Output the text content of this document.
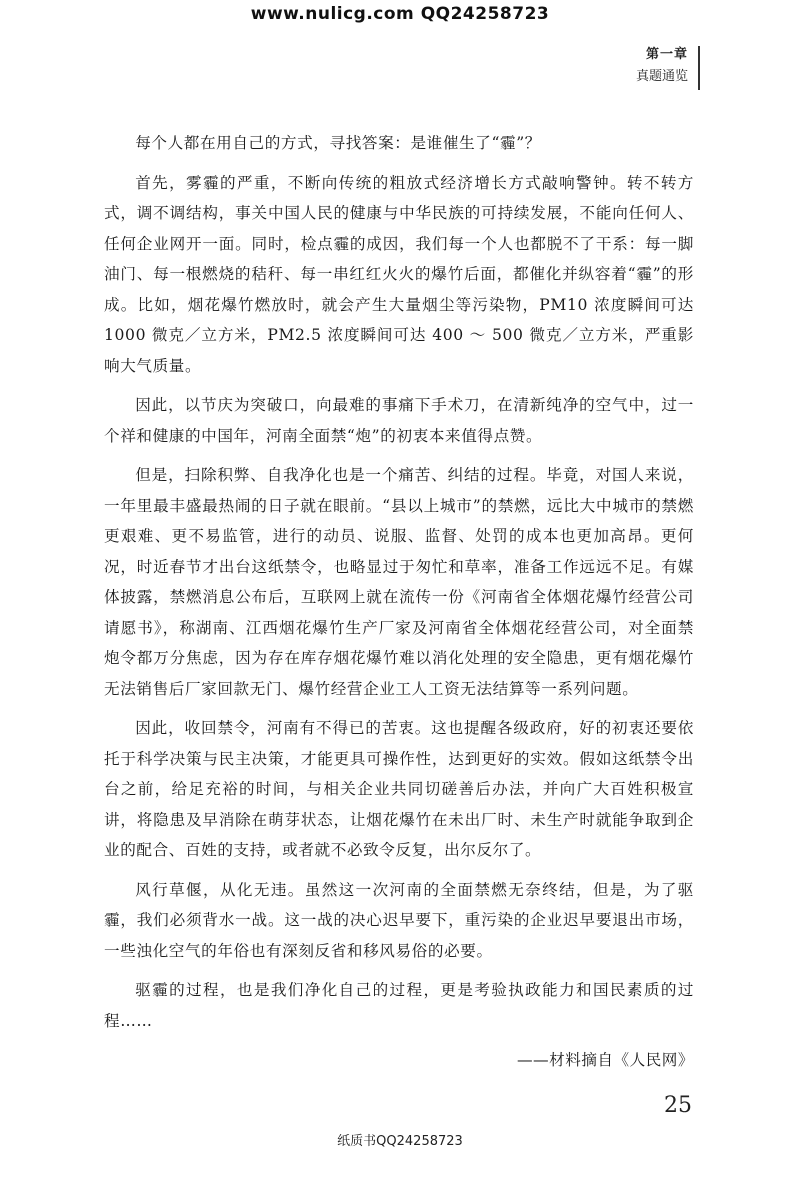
www.nulicg.com QQ24258723
第一章
真题通览

每个人都在用自己的方式，寻找答案：是谁催生了“霾”？

首先，雾霾的严重，不断向传统的粗放式经济增长方式敲响警钟。转不转方式，调不调结构，事关中国人民的健康与中华民族的可持续发展，不能向任何人、任何企业网开一面。同时，检点霾的成因，我们每一个人也都脱不了干系：每一脚油门、每一根燃烧的秸秆、每一串红红火火的爆竹后面，都催化并纵容着“霾”的形成。比如，烟花爆竹燃放时，就会产生大量烟尘等污染物，PM10 浓度瞬间可达 1000 微克／立方米，PM2.5 浓度瞬间可达 400 ～ 500 微克／立方米，严重影响大气质量。

因此，以节庆为突破口，向最难的事痛下手术刀，在清新纯净的空气中，过一个祥和健康的中国年，河南全面禁“炮”的初衷本来值得点赞。

但是，扫除积弊、自我净化也是一个痛苦、纠结的过程。毕竟，对国人来说，一年里最丰盛最热闹的日子就在眼前。“县以上城市”的禁燃，远比大中城市的禁燃更艰难、更不易监管，进行的动员、说服、监督、处罚的成本也更加高昂。更何况，时近春节才出台这纸禁令，也略显过于匆忙和草率，准备工作远远不足。有媒体披露，禁燃消息公布后，互联网上就在流传一份《河南省全体烟花爆竹经营公司请愿书》，称湖南、江西烟花爆竹生产厂家及河南省全体烟花经营公司，对全面禁炮令都万分焦虑，因为存在库存烟花爆竹难以消化处理的安全隐患，更有烟花爆竹无法销售后厂家回款无门、爆竹经营企业工人工资无法结算等一系列问题。

因此，收回禁令，河南有不得已的苦衷。这也提醒各级政府，好的初衷还要依托于科学决策与民主决策，才能更具可操作性，达到更好的实效。假如这纸禁令出台之前，给足充裕的时间，与相关企业共同切磋善后办法，并向广大百姓积极宣讲，将隐患及早消除在萌芽状态，让烟花爆竹在未出厂时、未生产时就能争取到企业的配合、百姓的支持，或者就不必致令反复，出尔反尔了。

风行草偃，从化无违。虽然这一次河南的全面禁燃无奈终结，但是，为了驱霾，我们必须背水一战。这一战的决心迟早要下，重污染的企业迟早要退出市场，一些浊化空气的年俗也有深刻反省和移风易俗的必要。

驱霾的过程，也是我们净化自己的过程，更是考验执政能力和国民素质的过程……

——材料摘自《人民网》
25
纸质书QQ24258723
